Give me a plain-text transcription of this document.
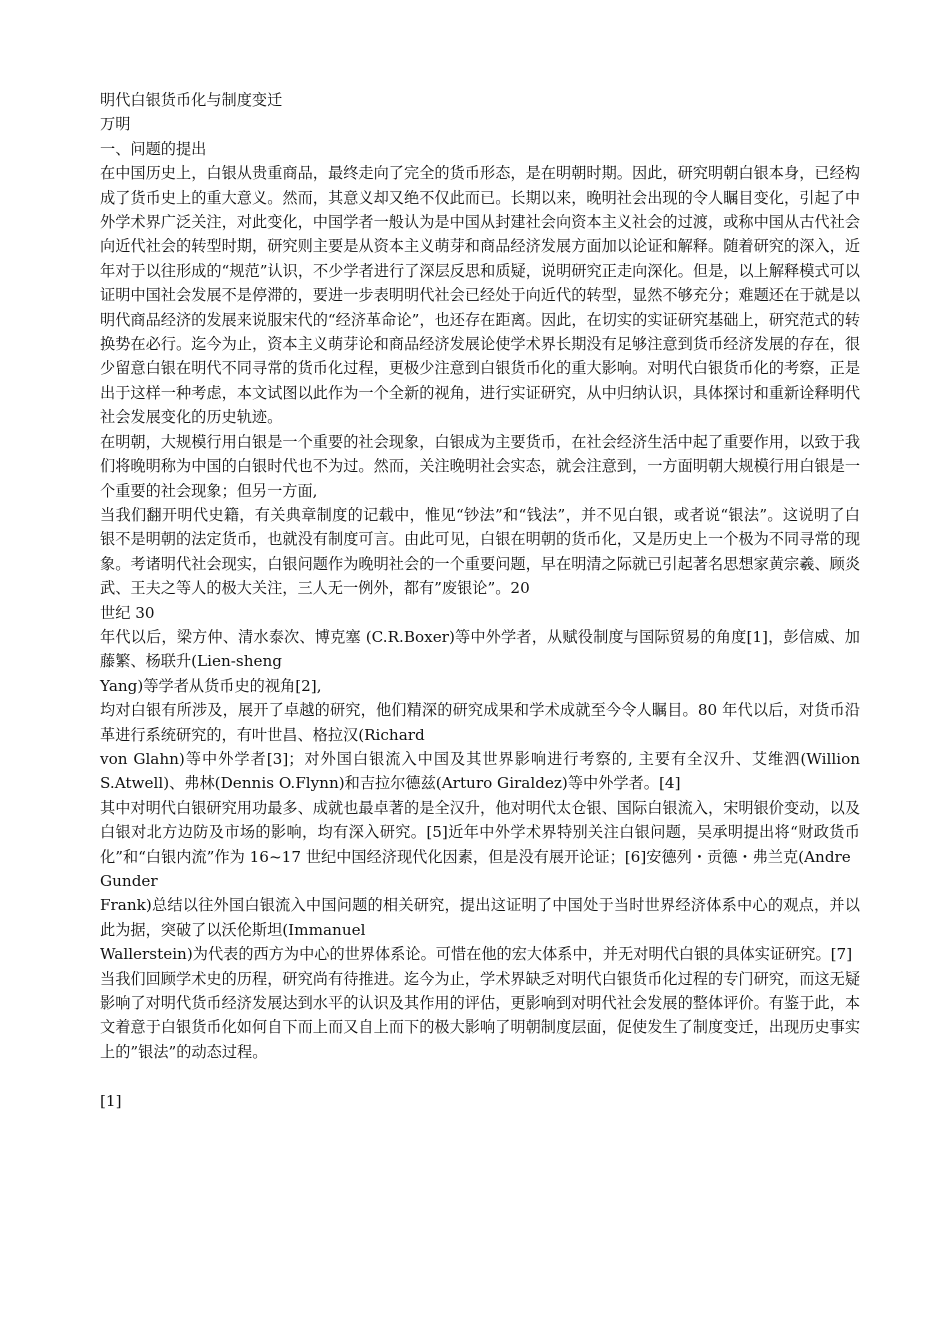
明代白银货币化与制度变迁
万明
一、问题的提出

在中国历史上，白银从贵重商品，最终走向了完全的货币形态，是在明朝时期。因此，研究明朝白银本身，已经构成了货币史上的重大意义。然而，其意义却又绝不仅此而已。长期以来，晚明社会出现的令人瞩目变化，引起了中外学术界广泛关注，对此变化，中国学者一般认为是中国从封建社会向资本主义社会的过渡，或称中国从古代社会向近代社会的转型时期，研究则主要是从资本主义萌芽和商品经济发展方面加以论证和解释。随着研究的深入，近年对于以往形成的“规范”认识，不少学者进行了深层反思和质疑，说明研究正走向深化。但是，以上解释模式可以证明中国社会发展不是停滞的，要进一步表明明代社会已经处于向近代的转型，显然不够充分；难题还在于就是以明代商品经济的发展来说服宋代的“经济革命论”，也还存在距离。因此，在切实的实证研究基础上，研究范式的转换势在必行。迄今为止，资本主义萌芽论和商品经济发展论使学术界长期没有足够注意到货币经济发展的存在，很少留意白银在明代不同寻常的货币化过程，更极少注意到白银货币化的重大影响。对明代白银货币化的考察，正是出于这样一种考虑，本文试图以此作为一个全新的视角，进行实证研究，从中归纳认识，具体探讨和重新诠释明代社会发展变化的历史轨迹。

在明朝，大规模行用白银是一个重要的社会现象，白银成为主要货币，在社会经济生活中起了重要作用，以致于我们将晚明称为中国的白银时代也不为过。然而，关注晚明社会实态，就会注意到，一方面明朝大规模行用白银是一个重要的社会现象；但另一方面,

当我们翻开明代史籍，有关典章制度的记载中，惟见“钞法”和“钱法”，并不见白银，或者说“银法”。这说明了白银不是明朝的法定货币，也就没有制度可言。由此可见，白银在明朝的货币化，又是历史上一个极为不同寻常的现象。考诸明代社会现实，白银问题作为晚明社会的一个重要问题，早在明清之际就已引起著名思想家黄宗羲、顾炎武、王夫之等人的极大关注，三人无一例外，都有”废银论”。20

世纪 30

年代以后，梁方仲、清水泰次、博克塞 (C.R.Boxer)等中外学者，从赋役制度与国际贸易的角度[1]，彭信威、加藤繁、杨联升(Lien-sheng

Yang)等学者从货币史的视角[2],

均对白银有所涉及，展开了卓越的研究，他们精深的研究成果和学术成就至今令人瞩目。80 年代以后，对货币沿革进行系统研究的，有叶世昌、格拉汉(Richard

von Glahn)等中外学者[3]；对外国白银流入中国及其世界影响进行考察的, 主要有全汉升、艾维泗(Willion S.Atwell)、弗林(Dennis O.Flynn)和吉拉尔德兹(Arturo Giraldez)等中外学者。[4]

其中对明代白银研究用功最多、成就也最卓著的是全汉升，他对明代太仓银、国际白银流入，宋明银价变动，以及白银对北方边防及市场的影响，均有深入研究。[5]近年中外学术界特别关注白银问题，吴承明提出将“财政货币化”和“白银内流”作为 16~17 世纪中国经济现代化因素，但是没有展开论证；[6]安德列・贡德・弗兰克(Andre

Gunder

Frank)总结以往外国白银流入中国问题的相关研究，提出这证明了中国处于当时世界经济体系中心的观点，并以此为据，突破了以沃伦斯坦(Immanuel

Wallerstein)为代表的西方为中心的世界体系论。可惜在他的宏大体系中，并无对明代白银的具体实证研究。[7]

当我们回顾学术史的历程，研究尚有待推进。迄今为止，学术界缺乏对明代白银货币化过程的专门研究，而这无疑影响了对明代货币经济发展达到水平的认识及其作用的评估，更影响到对明代社会发展的整体评价。有鉴于此，本文着意于白银货币化如何自下而上而又自上而下的极大影响了明朝制度层面，促使发生了制度变迁，出现历史事实上的”银法”的动态过程。

[1]
